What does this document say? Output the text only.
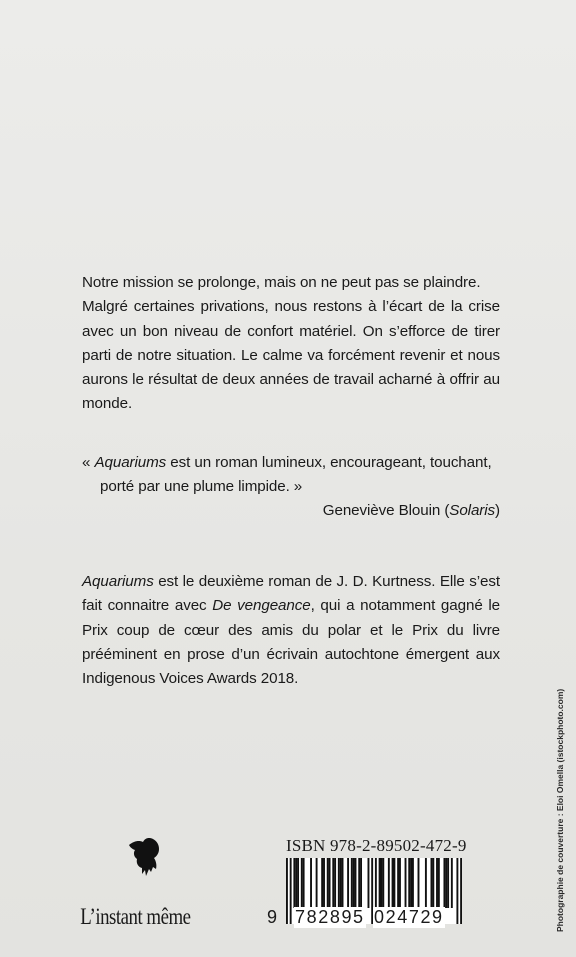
Notre mission se prolonge, mais on ne peut pas se plaindre.

Malgré certaines privations, nous restons à l’écart de la crise avec un bon niveau de confort matériel. On s’efforce de tirer parti de notre situation. Le calme va forcément revenir et nous aurons le résultat de deux années de travail acharné à offrir au monde.

« Aquariums est un roman lumineux, encourageant, touchant,

porté par une plume limpide. »

Geneviève Blouin (Solaris)

Aquariums est le deuxième roman de J. D. Kurtness. Elle s’est fait connaitre avec De vengeance, qui a notamment gagné le Prix coup de cœur des amis du polar et le Prix du livre prééminent en prose d’un écrivain autochtone émergent aux Indigenous Voices Awards 2018.

L’instant même
ISBN 978-2-89502-472-9
9 782895 024729	Photographie de couverture : Eloi Omella (istockphoto.com)
